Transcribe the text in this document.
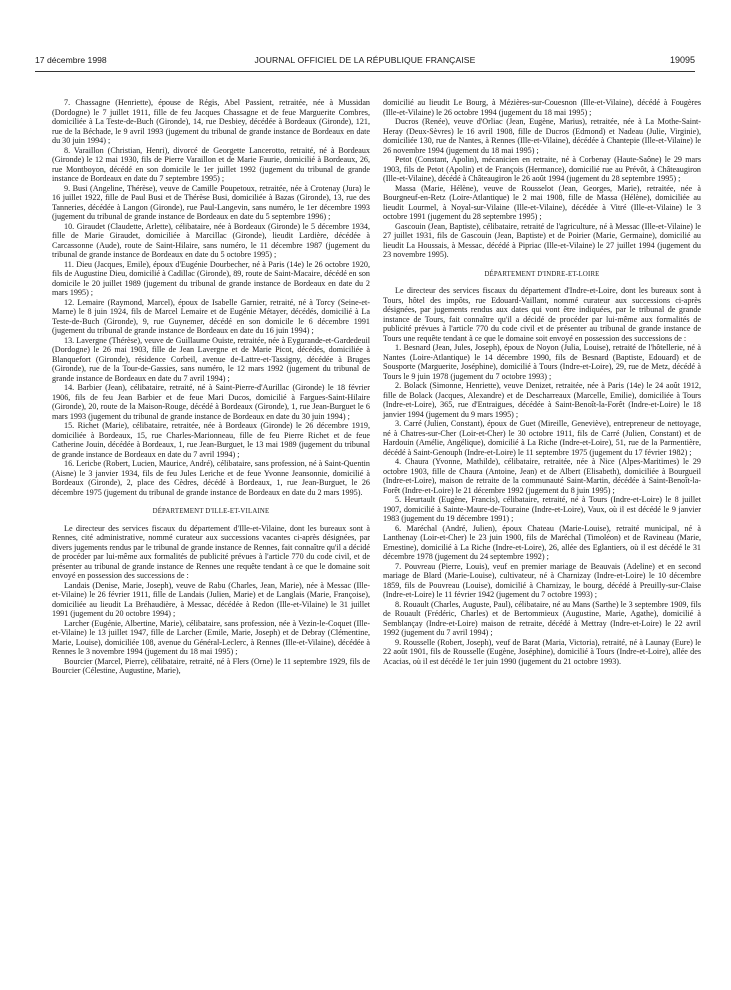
17 décembre 1998	JOURNAL OFFICIEL DE LA RÉPUBLIQUE FRANÇAISE	19095

7. Chassagne (Henriette), épouse de Régis, Abel Passient, retraitée, née à Mussidan (Dordogne) le 7 juillet 1911, fille de feu Jacques Chassagne et de feue Marguerite Combres, domiciliée à La Teste-de-Buch (Gironde), 14, rue Desbiey, décédée à Bordeaux (Gironde), 121, rue de la Béchade, le 9 avril 1993 (jugement du tribunal de grande instance de Bordeaux en date du 30 juin 1994) ;

8. Varaillon (Christian, Henri), divorcé de Georgette Lancerotto, retraité, né à Bordeaux (Gironde) le 12 mai 1930, fils de Pierre Varaillon et de Marie Faurie, domicilié à Bordeaux, 26, rue Montboyon, décédé en son domicile le 1er juillet 1992 (jugement du tribunal de grande instance de Bordeaux en date du 7 septembre 1995) ;

9. Busi (Angeline, Thérèse), veuve de Camille Poupetoux, retraitée, née à Crotenay (Jura) le 16 juillet 1922, fille de Paul Busi et de Thérèse Busi, domiciliée à Bazas (Gironde), 13, rue des Tanneries, décédée à Langon (Gironde), rue Paul-Langevin, sans numéro, le 1er décembre 1993 (jugement du tribunal de grande instance de Bordeaux en date du 5 septembre 1996) ;

10. Giraudet (Claudette, Arlette), célibataire, née à Bordeaux (Gironde) le 5 décembre 1934, fille de Marie Giraudet, domiciliée à Marcillac (Gironde), lieudit Lardière, décédée à Carcassonne (Aude), route de Saint-Hilaire, sans numéro, le 11 décembre 1987 (jugement du tribunal de grande instance de Bordeaux en date du 5 octobre 1995) ;

11. Dieu (Jacques, Emile), époux d'Eugénie Dourbecher, né à Paris (14e) le 26 octobre 1920, fils de Augustine Dieu, domicilié à Cadillac (Gironde), 89, route de Saint-Macaire, décédé en son domicile le 20 juillet 1989 (jugement du tribunal de grande instance de Bordeaux en date du 2 mars 1995) ;

12. Lemaire (Raymond, Marcel), époux de Isabelle Garnier, retraité, né à Torcy (Seine-et-Marne) le 8 juin 1924, fils de Marcel Lemaire et de Eugénie Métayer, décédés, domicilié à La Teste-de-Buch (Gironde), 9, rue Guynemer, décédé en son domicile le 6 décembre 1991 (jugement du tribunal de grande instance de Bordeaux en date du 16 juin 1994) ;

13. Lavergne (Thérèse), veuve de Guillaume Ouiste, retraitée, née à Eygurande-et-Gardedeuil (Dordogne) le 26 mai 1903, fille de Jean Lavergne et de Marie Picot, décédés, domiciliée à Blanquefort (Gironde), résidence Corbeil, avenue de-Lattre-et-Tassigny, décédée à Bruges (Gironde), rue de la Tour-de-Gassies, sans numéro, le 12 mars 1992 (jugement du tribunal de grande instance de Bordeaux en date du 7 avril 1994) ;

14. Barbier (Jean), célibataire, retraité, né à Saint-Pierre-d'Aurillac (Gironde) le 18 février 1906, fils de feu Jean Barbier et de feue Mari Ducos, domicilié à Fargues-Saint-Hilaire (Gironde), 20, route de la Maison-Rouge, décédé à Bordeaux (Gironde), 1, rue Jean-Burguet le 6 mars 1993 (jugement du tribunal de grande instance de Bordeaux en date du 30 juin 1994) ;

15. Richet (Marie), célibataire, retraitée, née à Bordeaux (Gironde) le 26 décembre 1919, domiciliée à Bordeaux, 15, rue Charles-Marionneau, fille de feu Pierre Richet et de feue Catherine Jouin, décédée à Bordeaux, 1, rue Jean-Burguet, le 13 mai 1989 (jugement du tribunal de grande instance de Bordeaux en date du 7 avril 1994) ;

16. Lericbe (Robert, Lucien, Maurice, André), célibataire, sans profession, né à Saint-Quentin (Aisne) le 3 janvier 1934, fils de feu Jules Leriche et de feue Yvonne Jeansonnie, domicilié à Bordeaux (Gironde), 2, place des Cèdres, décédé à Bordeaux, 1, rue Jean-Burguet, le 26 décembre 1975 (jugement du tribunal de grande instance de Bordeaux en date du 2 mars 1995).

DÉPARTEMENT D'ILLE-ET-VILAINE

Le directeur des services fiscaux du département d'Ille-et-Vilaine, dont les bureaux sont à Rennes, cité administrative, nommé curateur aux successions vacantes ci-après désignées, par divers jugements rendus par le tribunal de grande instance de Rennes, fait connaître qu'il a décidé de procéder par lui-même aux formalités de publicité prévues à l'article 770 du code civil, et de présenter au tribunal de grande instance de Rennes une requête tendant à ce que le domaine soit envoyé en possession des successions de :

Landais (Denise, Marie, Joseph), veuve de Rabu (Charles, Jean, Marie), née à Messac (Ille-et-Vilaine) le 26 février 1911, fille de Landais (Julien, Marie) et de Langlais (Marie, Françoise), domiciliée au lieudit La Bréhaudière, à Messac, décédée à Redon (Ille-et-Vilaine) le 31 juillet 1991 (jugement du 20 octobre 1994) ;

Larcher (Eugénie, Albertine, Marie), célibataire, sans profession, née à Vezin-le-Coquet (Ille-et-Vilaine) le 13 juillet 1947, fille de Larcher (Emile, Marie, Joseph) et de Debray (Clémentine, Marie, Louise), domiciliée 108, avenue du Général-Leclerc, à Rennes (Ille-et-Vilaine), décédée à Rennes le 3 novembre 1994 (jugement du 18 mai 1995) ;

Bourcier (Marcel, Pierre), célibataire, retraité, né à Flers (Orne) le 11 septembre 1929, fils de Bourcier (Célestine, Augustine, Marie),

domicilié au lieudit Le Bourg, à Mézières-sur-Couesnon (Ille-et-Vilaine), décédé à Fougères (Ille-et-Vilaine) le 26 octobre 1994 (jugement du 18 mai 1995) ;

Ducros (Renée), veuve d'Orliac (Jean, Eugène, Marius), retraitée, née à La Mothe-Saint-Heray (Deux-Sèvres) le 16 avril 1908, fille de Ducros (Edmond) et Nadeau (Julie, Virginie), domiciliée 130, rue de Nantes, à Rennes (Ille-et-Vilaine), décédée à Chantepie (Ille-et-Vilaine) le 26 novembre 1994 (jugement du 18 mai 1995) ;

Petot (Constant, Apolin), mécanicien en retraite, né à Corbenay (Haute-Saône) le 29 mars 1903, fils de Petot (Apolin) et de François (Hermance), domicilié rue au Prévôt, à Châteaugiron (Ille-et-Vilaine), décédé à Châteaugiron le 26 août 1994 (jugement du 28 septembre 1995) ;

Massa (Marie, Hélène), veuve de Rousselot (Jean, Georges, Marie), retraitée, née à Bourgneuf-en-Retz (Loire-Atlantique) le 2 mai 1908, fille de Massa (Hélène), domiciliée au lieudit Lourmel, à Noyal-sur-Vilaine (Ille-et-Vilaine), décédée à Vitré (Ille-et-Vilaine) le 3 octobre 1991 (jugement du 28 septembre 1995) ;

Gascouin (Jean, Baptiste), célibataire, retraité de l'agriculture, né à Messac (Ille-et-Vilaine) le 27 juillet 1931, fils de Gascouin (Jean, Baptiste) et de Poirier (Marie, Germaine), domicilié au lieudit La Houssais, à Messac, décédé à Pipriac (Ille-et-Vilaine) le 27 juillet 1994 (jugement du 23 novembre 1995).

DÉPARTEMENT D'INDRE-ET-LOIRE

Le directeur des services fiscaux du département d'Indre-et-Loire, dont les bureaux sont à Tours, hôtel des impôts, rue Edouard-Vaillant, nommé curateur aux successions ci-après désignées, par jugements rendus aux dates qui vont être indiquées, par le tribunal de grande instance de Tours, fait connaître qu'il a décidé de procéder par lui-même aux formalités de publicité prévues à l'article 770 du code civil et de présenter au tribunal de grande instance de Tours une requête tendant à ce que le domaine soit envoyé en possession des successions de :

1. Besnard (Jean, Jules, Joseph), époux de Noyon (Julia, Louise), retraité de l'hôtellerie, né à Nantes (Loire-Atlantique) le 14 décembre 1990, fils de Besnard (Baptiste, Edouard) et de Sousporte (Marguerite, Joséphine), domicilié à Tours (Indre-et-Loire), 29, rue de Metz, décédé à Tours le 9 juin 1978 (jugement du 7 octobre 1993) ;

2. Bolack (Simonne, Henriette), veuve Denizet, retraitée, née à Paris (14e) le 24 août 1912, fille de Bolack (Jacques, Alexandre) et de Descharreaux (Marcelle, Emilie), domiciliée à Tours (Indre-et-Loire), 365, rue d'Entraigues, décédée à Saint-Benoît-la-Forêt (Indre-et-Loire) le 18 janvier 1994 (jugement du 9 mars 1995) ;

3. Carré (Julien, Constant), époux de Guet (Mireille, Geneviève), entrepreneur de nettoyage, né à Chatres-sur-Cher (Loir-et-Cher) le 30 octobre 1911, fils de Carré (Julien, Constant) et de Hardouin (Amélie, Angélique), domicilié à La Riche (Indre-et-Loire), 51, rue de la Parmentière, décédé à Saint-Genouph (Indre-et-Loire) le 11 septembre 1975 (jugement du 17 février 1982) ;

4. Chaura (Yvonne, Mathilde), célibataire, retraitée, née à Nice (Alpes-Maritimes) le 29 octobre 1903, fille de Chaura (Antoine, Jean) et de Albert (Elisabeth), domiciliée à Bourgueil (Indre-et-Loire), maison de retraite de la communauté Saint-Martin, décédée à Saint-Benoît-la-Forêt (Indre-et-Loire) le 21 décembre 1992 (jugement du 8 juin 1995) ;

5. Heurtault (Eugène, Francis), célibataire, retraité, né à Tours (Indre-et-Loire) le 8 juillet 1907, domicilié à Sainte-Maure-de-Touraine (Indre-et-Loire), Vaux, où il est décédé le 9 janvier 1983 (jugement du 19 décembre 1991) ;

6. Maréchal (André, Julien), époux Chateau (Marie-Louise), retraité municipal, né à Lanthenay (Loir-et-Cher) le 23 juin 1900, fils de Maréchal (Timoléon) et de Ravineau (Marie, Ernestine), domicilié à La Riche (Indre-et-Loire), 26, allée des Eglantiers, où il est décédé le 31 décembre 1978 (jugement du 24 septembre 1992) ;

7. Pouvreau (Pierre, Louis), veuf en premier mariage de Beauvais (Adeline) et en second mariage de Blard (Marie-Louise), cultivateur, né à Charnizay (Indre-et-Loire) le 10 décembre 1859, fils de Pouvreau (Louise), domicilié à Charnizay, le bourg, décédé à Preuilly-sur-Claise (Indre-et-Loire) le 11 février 1942 (jugement du 7 octobre 1993) ;

8. Rouault (Charles, Auguste, Paul), célibataire, né au Mans (Sarthe) le 3 septembre 1909, fils de Rouault (Frédéric, Charles) et de Bertommieux (Augustine, Marie, Agathe), domicilié à Semblançay (Indre-et-Loire) maison de retraite, décédé à Mettray (Indre-et-Loire) le 22 avril 1992 (jugement du 7 avril 1994) ;

9. Rousselle (Robert, Joseph), veuf de Barat (Maria, Victoria), retraité, né à Launay (Eure) le 22 août 1901, fils de Rousselle (Eugène, Joséphine), domicilié à Tours (Indre-et-Loire), allée des Acacias, où il est décédé le 1er juin 1990 (jugement du 21 octobre 1993).
